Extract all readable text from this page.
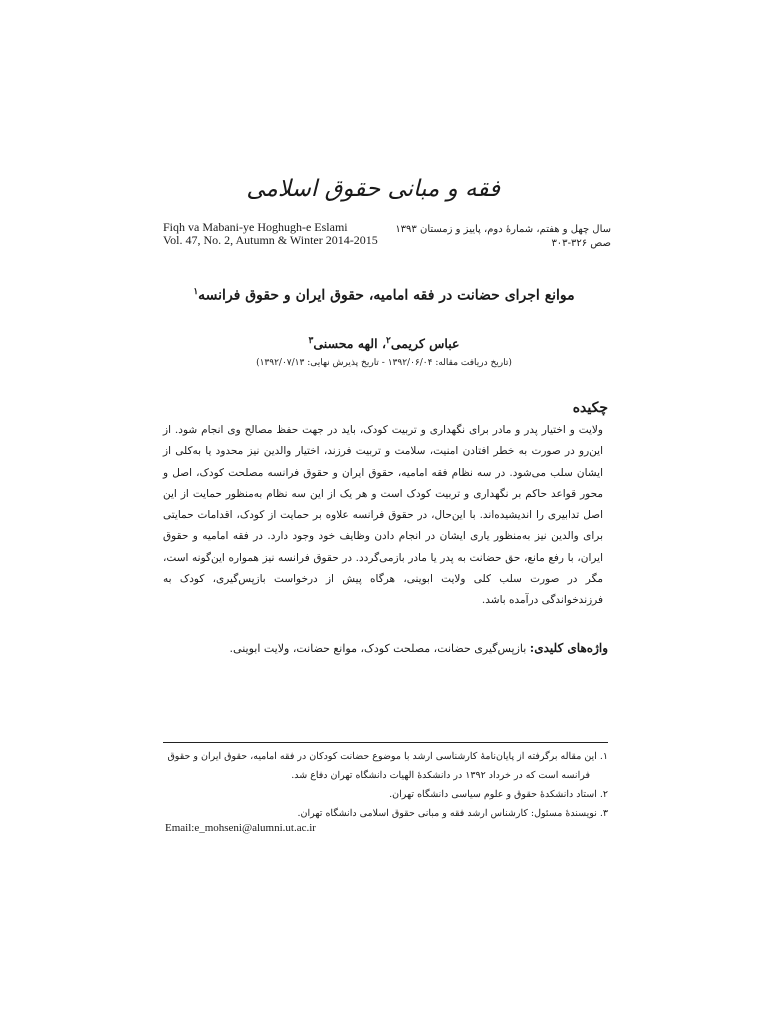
فقه و مبانی حقوق اسلامی
Fiqh va Mabani-ye Hoghugh-e Eslami
Vol. 47, No. 2, Autumn & Winter 2014-2015
سال چهل و هفتم، شمارۀ دوم، پاییز و زمستان ۱۳۹۳
صص ۳۲۶-۳۰۳
موانع اجرای حضانت در فقه امامیه، حقوق ایران و حقوق فرانسه$^۱$
عباس کریمی$^۲$، الهه محسنی$^۳$
(تاریخ دریافت مقاله: ۱۳۹۲/۰۶/۰۴ - تاریخ پذیرش نهایی: ۱۳۹۲/۰۷/۱۳)
چکیده
ولایت و اختیار پدر و مادر برای نگهداری و تربیت کودک، باید در جهت حفظ مصالح وی انجام شود. از این‌رو در صورت به خطر افتادن امنیت، سلامت و تربیت فرزند، اختیار والدین نیز محدود یا به‌کلی از ایشان سلب می‌شود. در سه نظام فقه امامیه، حقوق ایران و حقوق فرانسه مصلحت کودک، اصل و محور قواعد حاکم بر نگهداری و تربیت کودک است و هر یک از این سه نظام به‌منظور حمایت از این اصل تدابیری را اندیشیده‌اند. با این‌حال، در حقوق فرانسه علاوه بر حمایت از کودک، اقدامات حمایتی برای والدین نیز به‌منظور یاری ایشان در انجام دادن وظایف خود وجود دارد. در فقه امامیه و حقوق ایران، با رفع مانع، حق حضانت به پدر یا مادر بازمی‌گردد. در حقوق فرانسه نیز همواره این‌گونه است، مگر در صورت سلب کلی ولایت ابوینی، هرگاه پیش از درخواست بازپس‌گیری، کودک به فرزندخواندگی درآمده باشد.
واژه‌های کلیدی: بازپس‌گیری حضانت، مصلحت کودک، موانع حضانت، ولایت ابوینی.
۱. این مقاله برگرفته از پایان‌نامۀ کارشناسی ارشد با موضوع حضانت کودکان در فقه امامیه، حقوق ایران و حقوق
فرانسه است که در خرداد ۱۳۹۲ در دانشکدۀ الهیات دانشگاه تهران دفاع شد.
۲. استاد دانشکدۀ حقوق و علوم سیاسی دانشگاه تهران.
۳. نویسندۀ مسئول: کارشناس ارشد فقه و مبانی حقوق اسلامی دانشگاه تهران.
Email:e_mohseni@alumni.ut.ac.ir
